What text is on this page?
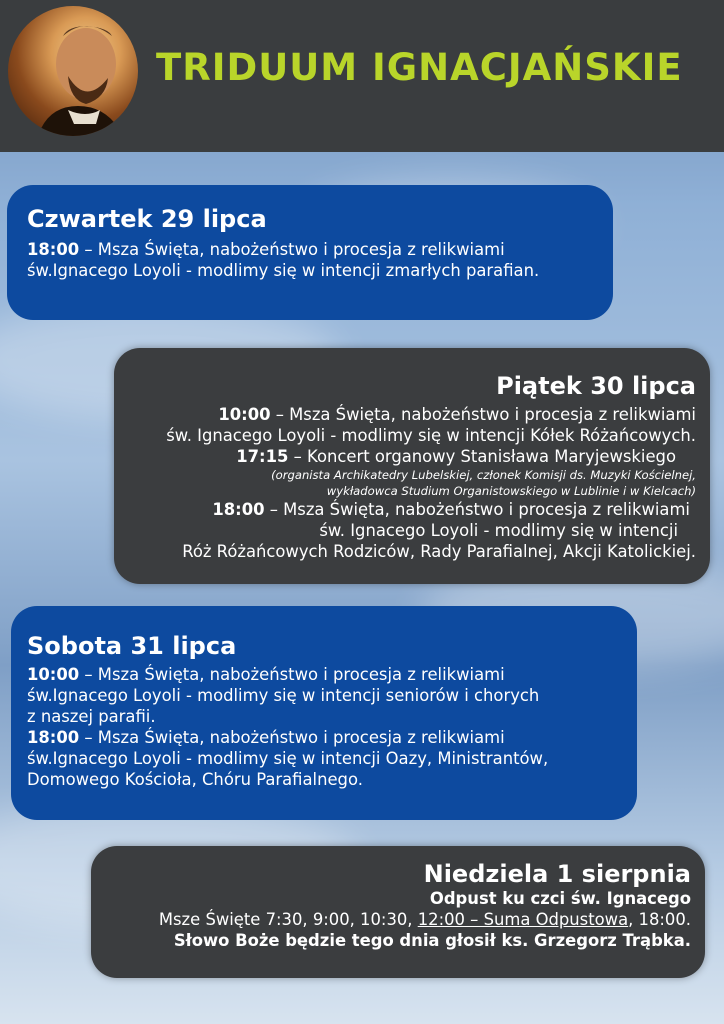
TRIDUUM IGNACJAŃSKIE
Czwartek 29 lipca
18:00 – Msza Święta, nabożeństwo i procesja z relikwiami
św.Ignacego Loyoli - modlimy się w intencji zmarłych parafian.
Piątek 30 lipca
10:00 – Msza Święta, nabożeństwo i procesja z relikwiami
św. Ignacego Loyoli - modlimy się w intencji Kółek Różańcowych.
17:15 – Koncert organowy Stanisława Maryjewskiego
(organista Archikatedry Lubelskiej, członek Komisji ds. Muzyki Kościelnej,
wykładowca Studium Organistowskiego w Lublinie i w Kielcach)
18:00 – Msza Święta, nabożeństwo i procesja z relikwiami
św. Ignacego Loyoli - modlimy się w intencji
Róż Różańcowych Rodziców, Rady Parafialnej, Akcji Katolickiej.
Sobota 31 lipca
10:00 – Msza Święta, nabożeństwo i procesja z relikwiami
św.Ignacego Loyoli - modlimy się w intencji seniorów i chorych
z naszej parafii.
18:00 – Msza Święta, nabożeństwo i procesja z relikwiami
św.Ignacego Loyoli - modlimy się w intencji Oazy, Ministrantów,
Domowego Kościoła, Chóru Parafialnego.
Niedziela 1 sierpnia
Odpust ku czci św. Ignacego
Msze Święte 7:30, 9:00, 10:30, 12:00 – Suma Odpustowa, 18:00.
Słowo Boże będzie tego dnia głosił ks. Grzegorz Trąbka.
